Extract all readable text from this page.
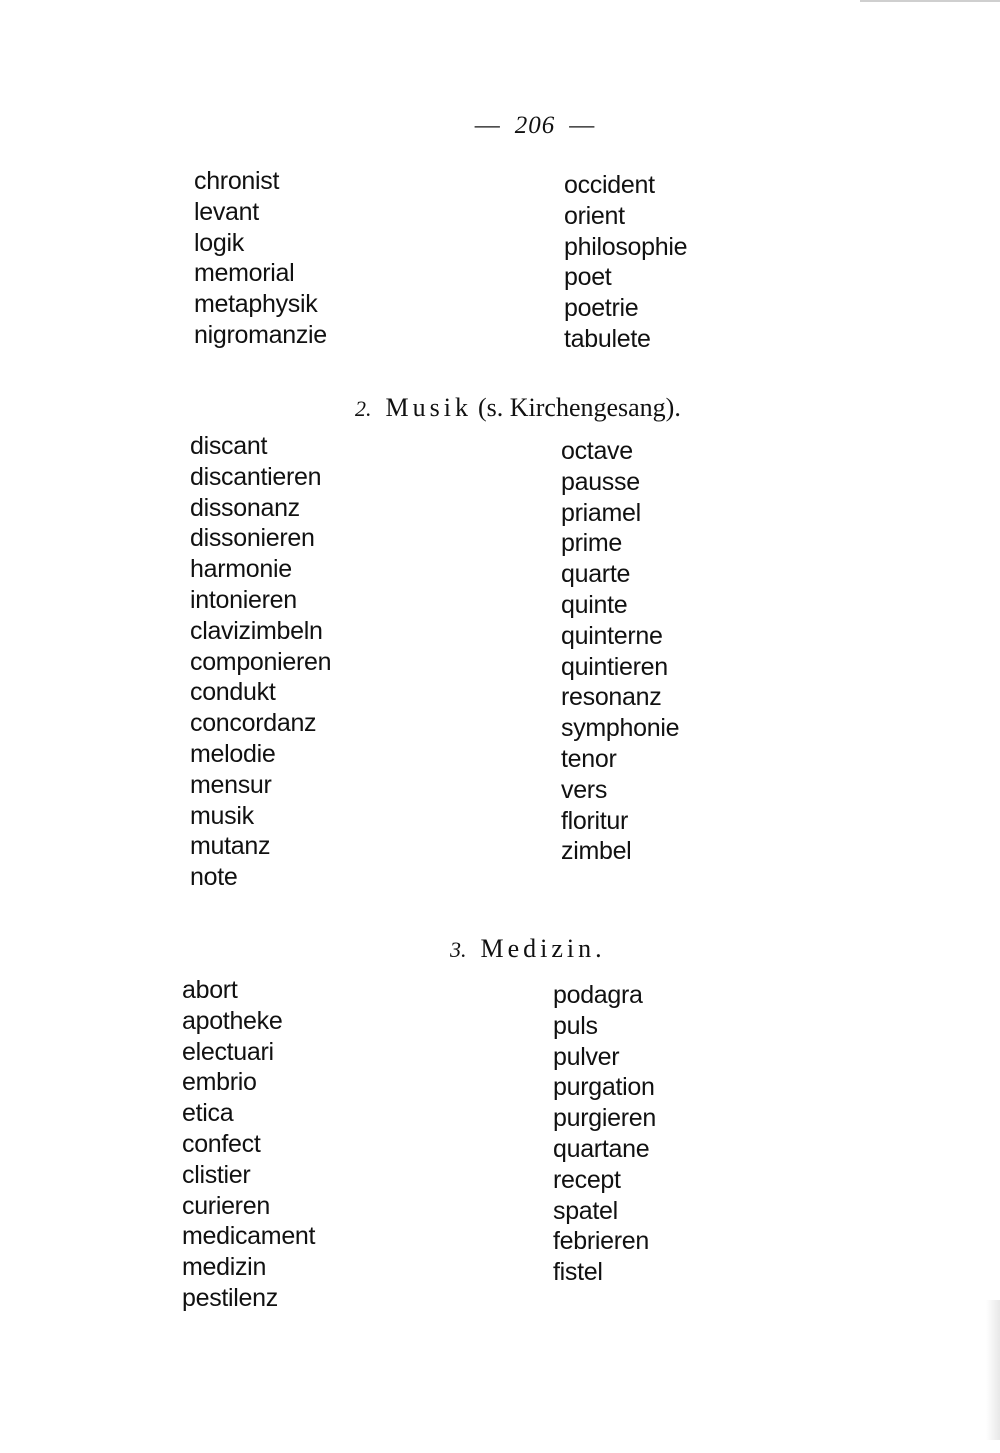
— 206 —
chronist
levant
logik
memorial
metaphysik
nigromanzie
occident
orient
philosophie
poet
poetrie
tabulete
2. Musik (s. Kirchengesang).
discant
discantieren
dissonanz
dissonieren
harmonie
intonieren
clavizimbeln
componieren
condukt
concordanz
melodie
mensur
musik
mutanz
note
octave
pausse
priamel
prime
quarte
quinte
quinterne
quintieren
resonanz
symphonie
tenor
vers
floritur
zimbel
3. Medizin.
abort
apotheke
electuari
embrio
etica
confect
clistier
curieren
medicament
medizin
pestilenz
podagra
puls
pulver
purgation
purgieren
quartane
recept
spatel
febrieren
fistel
